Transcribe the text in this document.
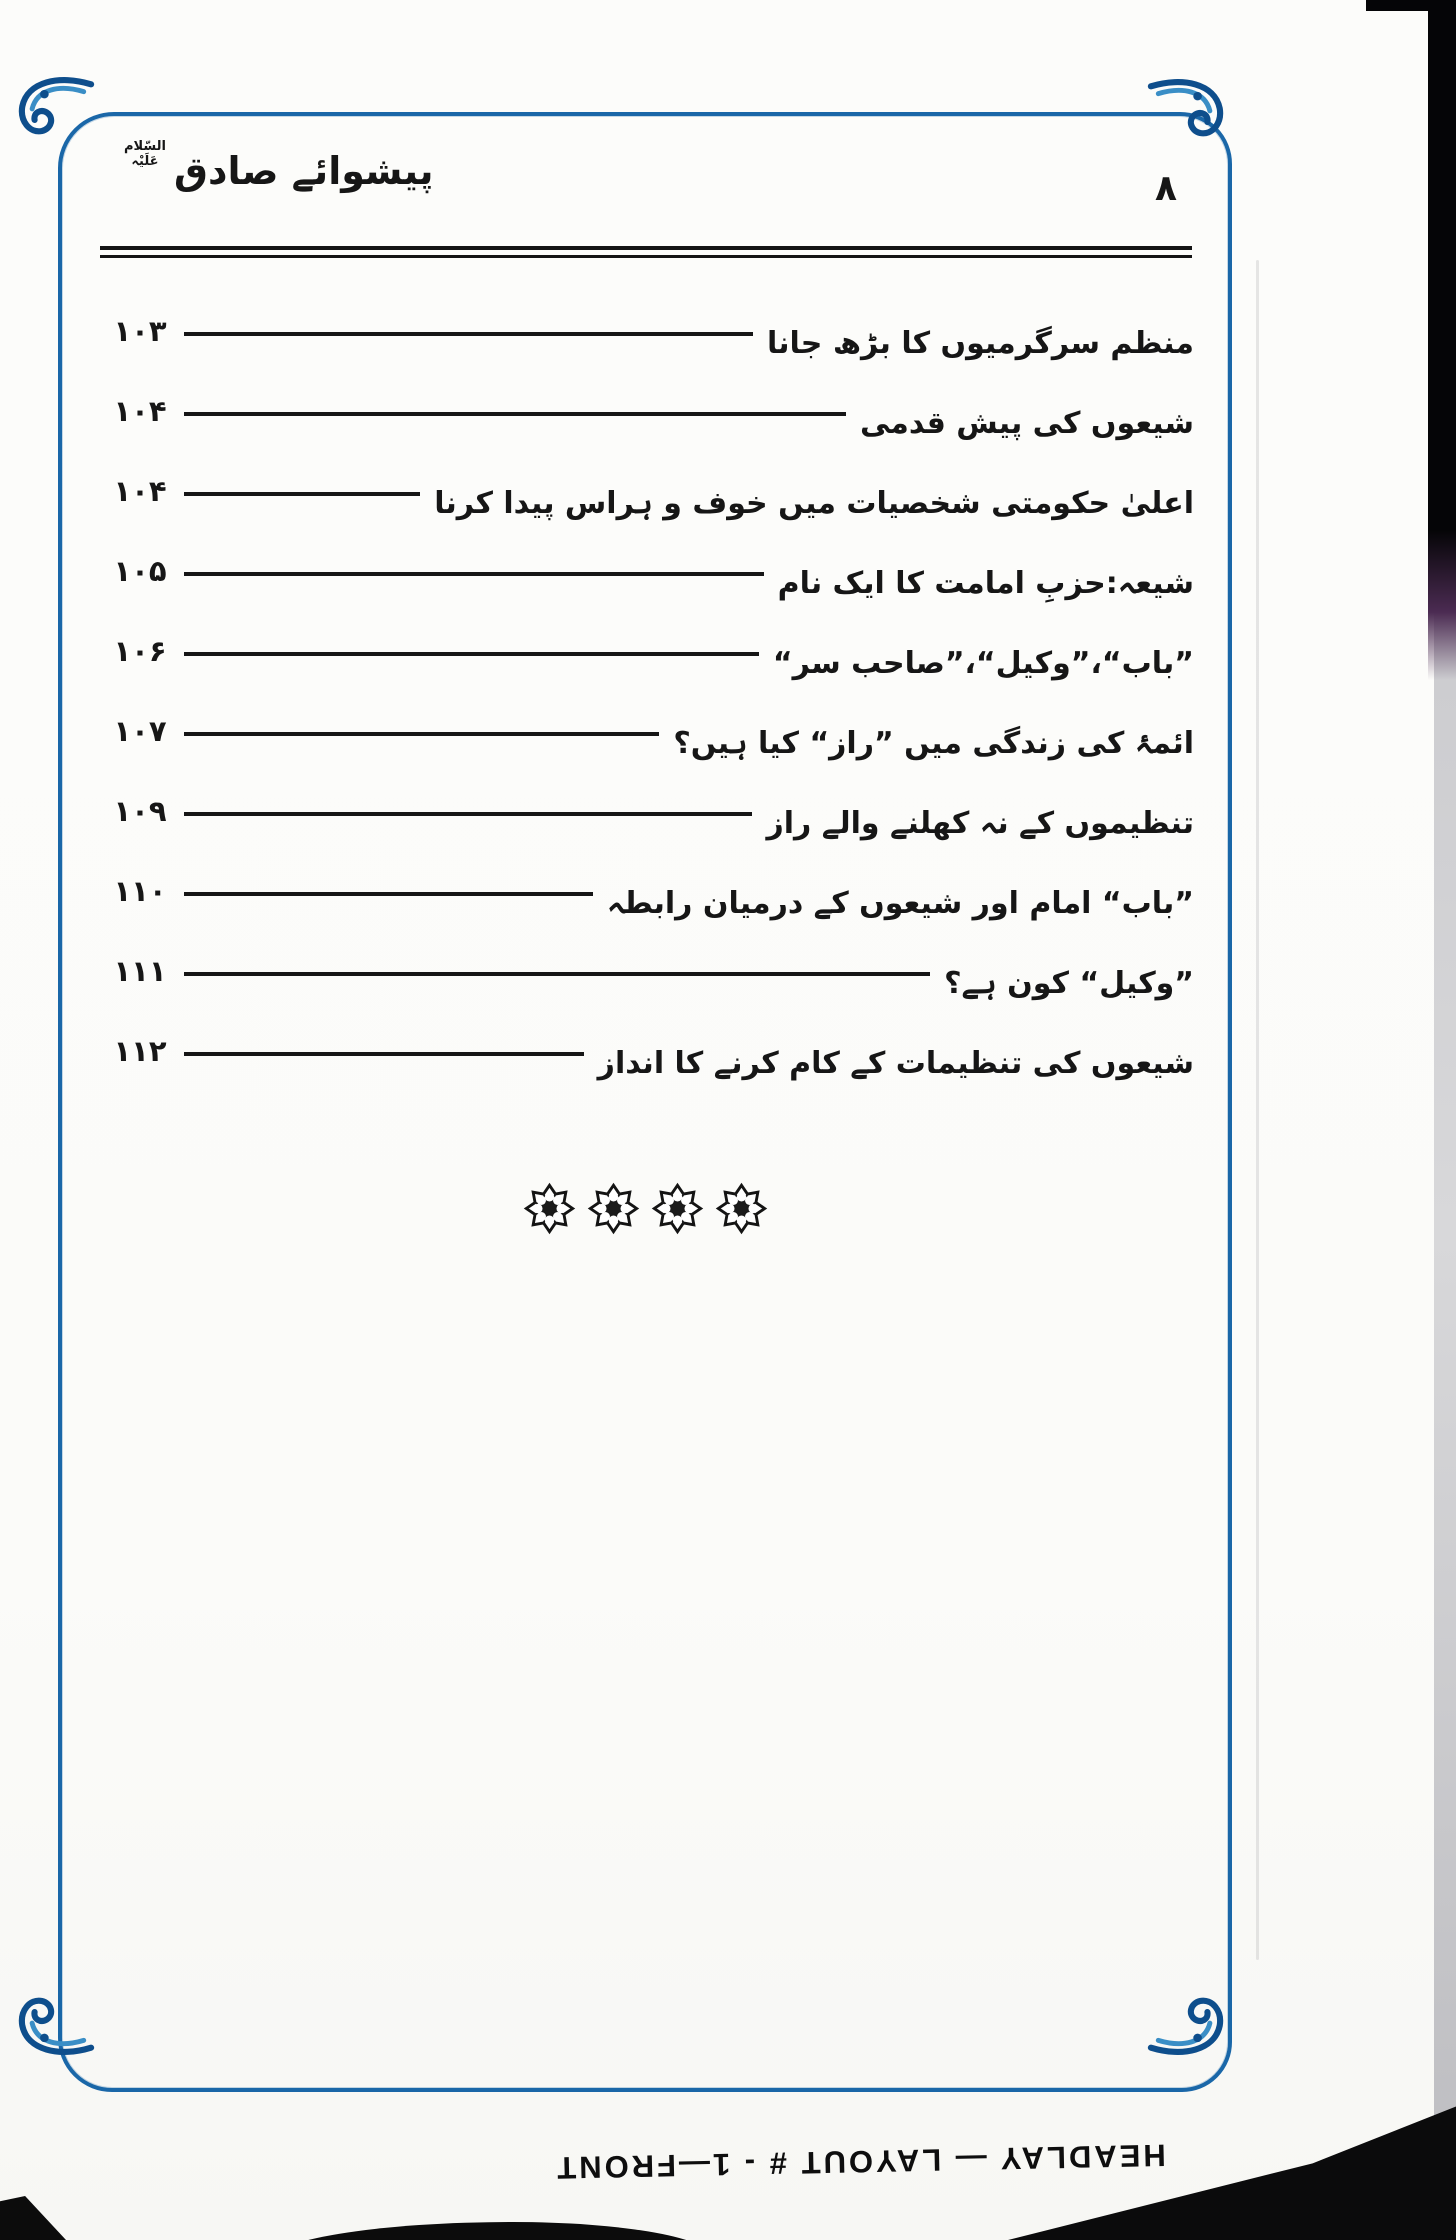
پیشوائے صادق
السّلام
عَلَیْہ
۸
منظم سرگرمیوں کا بڑھ جانا
۱۰۳
شیعوں کی پیش قدمی
۱۰۴
اعلیٰ حکومتی شخصیات میں خوف و ہراس پیدا کرنا
۱۰۴
شیعہ:حزبِ امامت کا ایک نام
۱۰۵
”باب“،”وکیل“،”صاحب سر“
۱۰۶
ائمۂ کی زندگی میں ”راز“ کیا ہیں؟
۱۰۷
تنظیموں کے نہ کھلنے والے راز
۱۰۹
”باب“ امام اور شیعوں کے درمیان رابطہ
۱۱۰
”وکیل“ کون ہے؟
۱۱۱
شیعوں کی تنظیمات کے کام کرنے کا انداز
۱۱۲
HEADLAY — LAYOUT # - 1—FRONT
